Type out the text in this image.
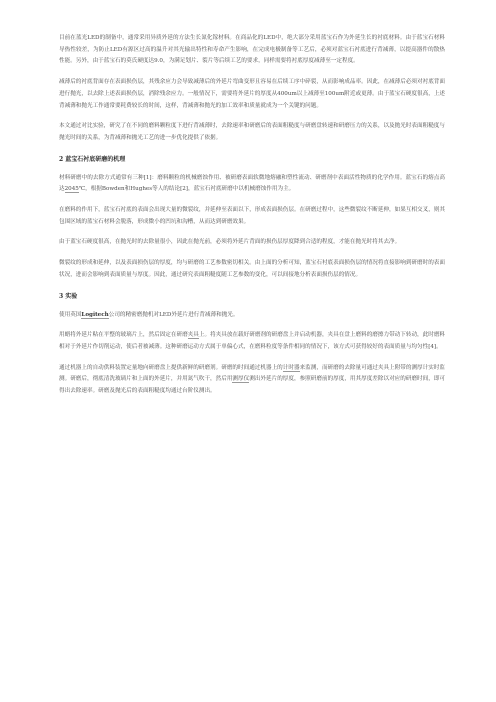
目前在蓝光LED的制备中，通常采用异质外延的方法生长氮化镓材料。在商品化的LED中，绝大部分采用蓝宝石作为外延生长的衬底材料。由于蓝宝石材料导热性较差，为防止LED有源区过高的温升对其光输出特性和寿命产生影响，在完成电极制备等工艺后，必须对蓝宝石衬底进行背减薄，以提高器件的散热性能。另外，由于蓝宝石的莫氏硬度达9.0，为满足划片、裂片等后续工艺的要求，同样需要将衬底厚度减薄至一定程度。

减薄后的衬底背面存在表面损伤层，其残余应力会导致减薄后的外延片弯曲变形且容易在后续工序中碎裂，从而影响成品率。因此，在减薄后必须对衬底背面进行抛光，以去除上述表面损伤层，消除残余应力。一般情况下，需要将外延片的厚度从400um以上减薄至100um附近或更薄。由于蓝宝石硬度很高，上述背减薄和抛光工作通常要耗费较长的时间，这样，背减薄和抛光的加工效率和质量就成为一个关键的问题。

本文通过对比实验，研究了在不同的磨料颗粒度下进行背减薄时，去除速率和研磨后的表面粗糙度与研磨盘转速和研磨压力的关系，以及抛光时表面粗糙度与抛光时间的关系，为背减薄和抛光工艺的进一步优化提供了依据。

2 蓝宝石衬底研磨的机理

材料研磨中的去除方式通常有三种[1]：磨料颗粒的机械磨蚀作用、被研磨表面软微地熔融和塑性流动、研磨剂中表面活性物质的化学作用。蓝宝石的熔点高达2045℃，根据Bowden和Hughes等人的结论[2]，蓝宝石衬底研磨中以机械磨蚀作用为主。

在磨料的作用下，蓝宝石衬底的表面会出现大量的微裂纹，并延伸至表面以下，形成表面损伤层。在研磨过程中，这些微裂纹不断延伸，如果互相交叉，则其包围区域的蓝宝石材料会脱落，形成微小的凹坑和沟槽，从而达到研磨效果。

由于蓝宝石硬度很高，在抛光时的去除量很小，因此在抛光前，必须将外延片背面的损伤层厚度降到合适的程度，才能在抛光时将其去净。

微裂纹的形成和延伸，以及表面损伤层的厚度，均与研磨的工艺参数密切相关。由上面的分析可知，蓝宝石衬底表面损伤层的情况将直接影响到研磨时的表面状况，进而会影响到表面质量与厚度。因此，通过研究表面粗糙度随工艺参数的变化，可以间接地分析表面损伤层的情况。

3 实验

使用英国Logitech公司的精密磨抛机对LED外延片进行背减薄和抛光。

用蜡将外延片粘在平整的玻璃片上，然后固定在研磨夹具上。将夹具放在载好研磨剂的研磨盘上并启动机器，夹具在盘上磨料的磨擦力带动下转动，此时磨料相对于外延片作切削运动，使后者被减薄。这种研磨运动方式属于单偏心式，在磨料粒度等条件相同的情况下，该方式可获得较好的表面质量与均匀性[4]。

通过机器上的自动供料装置定量地向研磨盘上提供新鲜的研磨剂。研磨的时间通过机器上的计时器来监测，而研磨的去除量可通过夹具上附带的测厚计实时监测。研磨后，彻底清洗玻璃片和上面的外延片，并用氮气吹干，然后用测厚仪测出外延片的厚度，参照研磨前的厚度，用其厚度差除以对应的研磨时间，即可得出去除速率。研磨及抛光后的表面粗糙度均通过台阶仪测出。
